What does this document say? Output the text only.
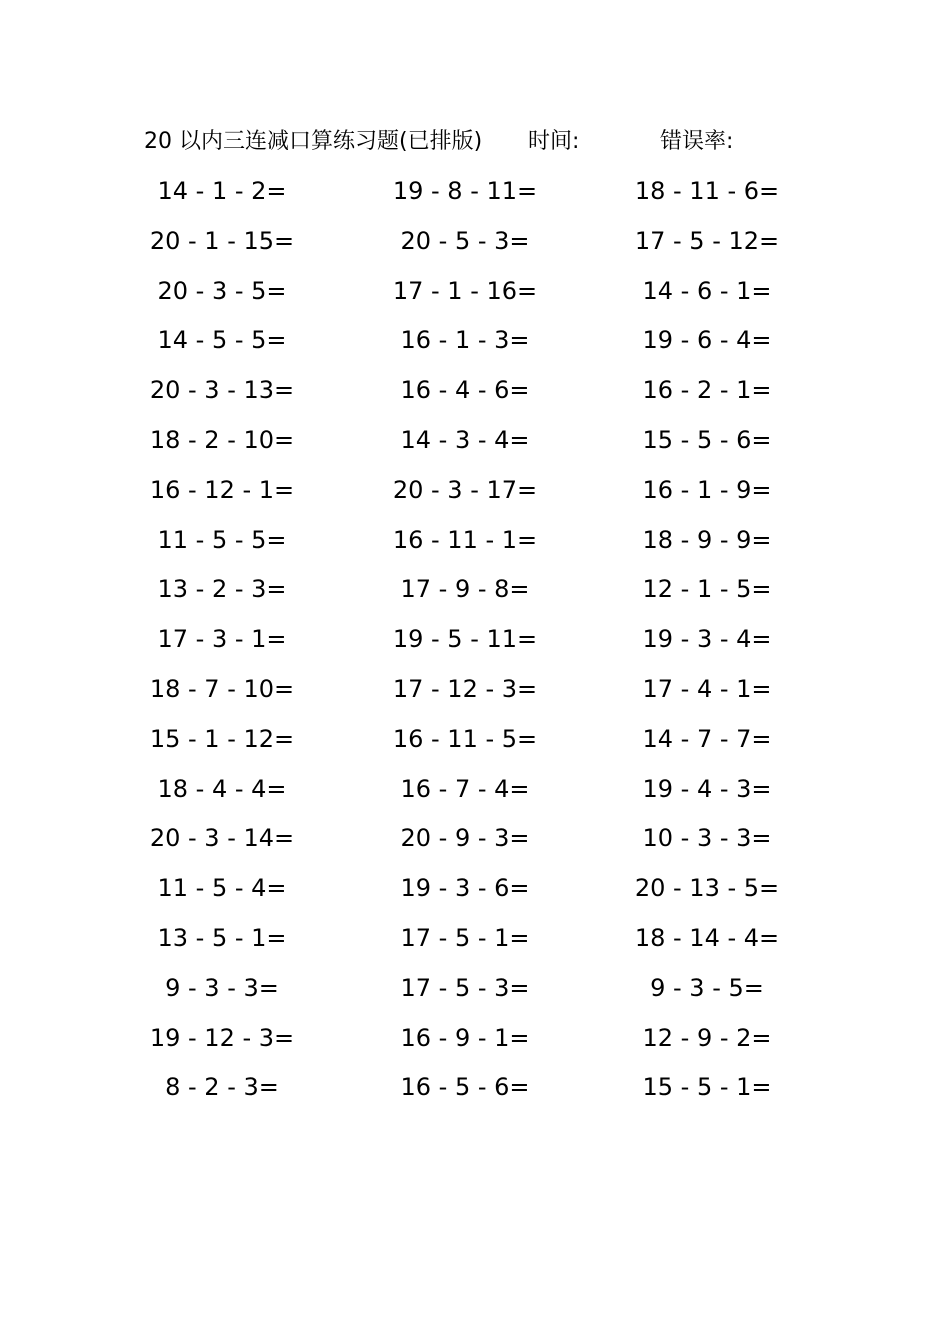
20 以内三连减口算练习题(已排版) 时间:	错误率:
14 - 1 - 2=	19 - 8 - 11=	18 - 11 - 6=
20 - 1 - 15=	20 - 5 - 3=	17 - 5 - 12=
20 - 3 - 5=	17 - 1 - 16=	14 - 6 - 1=
14 - 5 - 5=	16 - 1 - 3=	19 - 6 - 4=
20 - 3 - 13=	16 - 4 - 6=	16 - 2 - 1=
18 - 2 - 10=	14 - 3 - 4=	15 - 5 - 6=
16 - 12 - 1=	20 - 3 - 17=	16 - 1 - 9=
11 - 5 - 5=	16 - 11 - 1=	18 - 9 - 9=
13 - 2 - 3=	17 - 9 - 8=	12 - 1 - 5=
17 - 3 - 1=	19 - 5 - 11=	19 - 3 - 4=
18 - 7 - 10=	17 - 12 - 3=	17 - 4 - 1=
15 - 1 - 12=	16 - 11 - 5=	14 - 7 - 7=
18 - 4 - 4=	16 - 7 - 4=	19 - 4 - 3=
20 - 3 - 14=	20 - 9 - 3=	10 - 3 - 3=
11 - 5 - 4=	19 - 3 - 6=	20 - 13 - 5=
13 - 5 - 1=	17 - 5 - 1=	18 - 14 - 4=
9 - 3 - 3=	17 - 5 - 3=	9 - 3 - 5=
19 - 12 - 3=	16 - 9 - 1=	12 - 9 - 2=
8 - 2 - 3=	16 - 5 - 6=	15 - 5 - 1=
